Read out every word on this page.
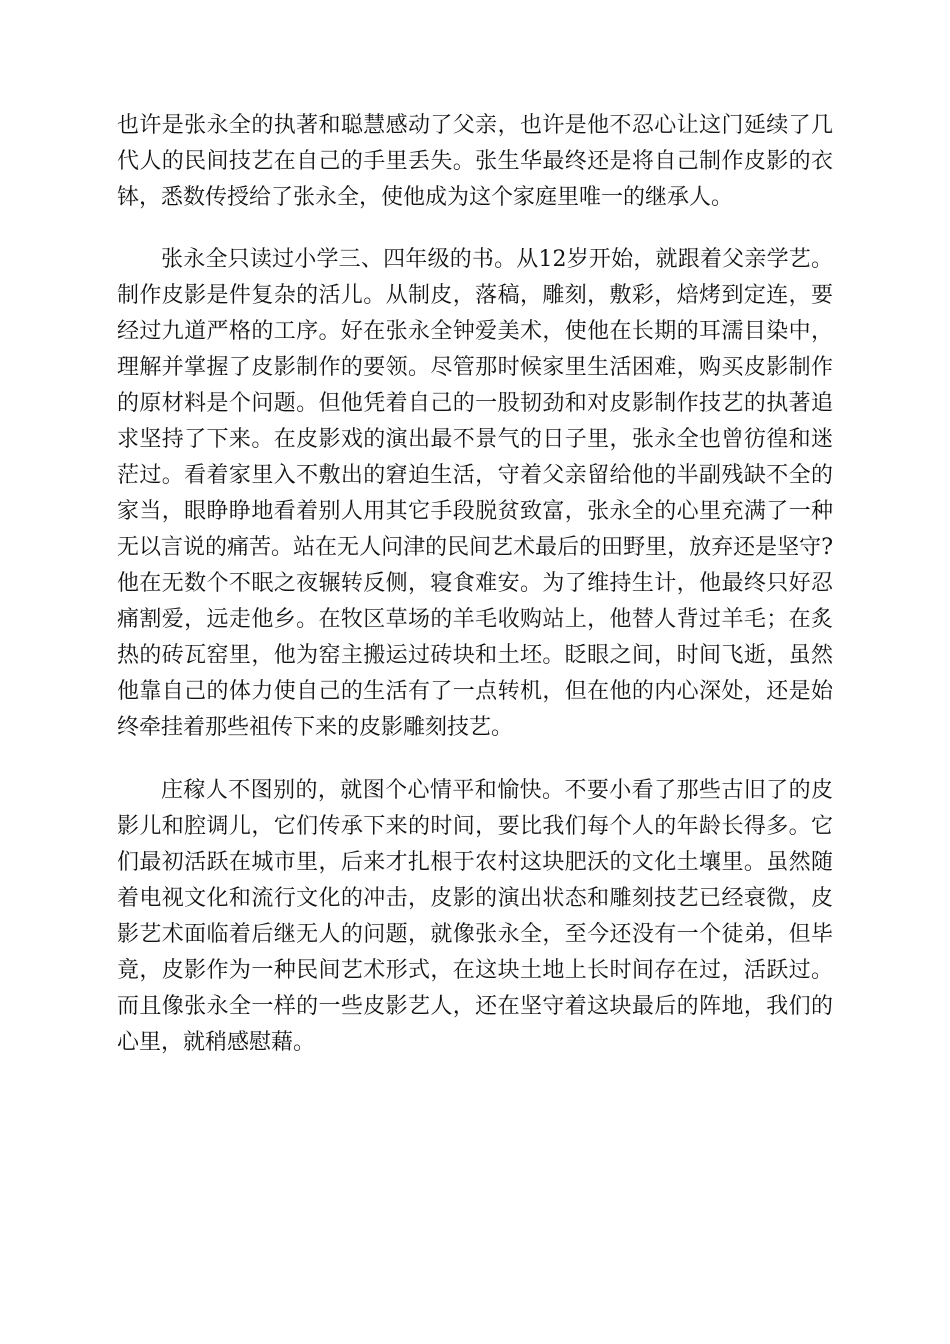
也许是张永全的执著和聪慧感动了父亲，也许是他不忍心让这门延续了几代人的民间技艺在自己的手里丢失。张生华最终还是将自己制作皮影的衣钵，悉数传授给了张永全，使他成为这个家庭里唯一的继承人。

张永全只读过小学三、四年级的书。从12岁开始，就跟着父亲学艺。制作皮影是件复杂的活儿。从制皮，落稿，雕刻，敷彩，焙烤到定连，要经过九道严格的工序。好在张永全钟爱美术，使他在长期的耳濡目染中，理解并掌握了皮影制作的要领。尽管那时候家里生活困难，购买皮影制作的原材料是个问题。但他凭着自己的一股韧劲和对皮影制作技艺的执著追求坚持了下来。在皮影戏的演出最不景气的日子里，张永全也曾彷徨和迷茫过。看着家里入不敷出的窘迫生活，守着父亲留给他的半副残缺不全的家当，眼睁睁地看着别人用其它手段脱贫致富，张永全的心里充满了一种无以言说的痛苦。站在无人问津的民间艺术最后的田野里，放弃还是坚守?他在无数个不眠之夜辗转反侧，寝食难安。为了维持生计，他最终只好忍痛割爱，远走他乡。在牧区草场的羊毛收购站上，他替人背过羊毛；在炙热的砖瓦窑里，他为窑主搬运过砖块和土坯。眨眼之间，时间飞逝，虽然他靠自己的体力使自己的生活有了一点转机，但在他的内心深处，还是始终牵挂着那些祖传下来的皮影雕刻技艺。

庄稼人不图别的，就图个心情平和愉快。不要小看了那些古旧了的皮影儿和腔调儿，它们传承下来的时间，要比我们每个人的年龄长得多。它们最初活跃在城市里，后来才扎根于农村这块肥沃的文化土壤里。虽然随着电视文化和流行文化的冲击，皮影的演出状态和雕刻技艺已经衰微，皮影艺术面临着后继无人的问题，就像张永全，至今还没有一个徒弟，但毕竟，皮影作为一种民间艺术形式，在这块土地上长时间存在过，活跃过。而且像张永全一样的一些皮影艺人，还在坚守着这块最后的阵地，我们的心里，就稍感慰藉。
